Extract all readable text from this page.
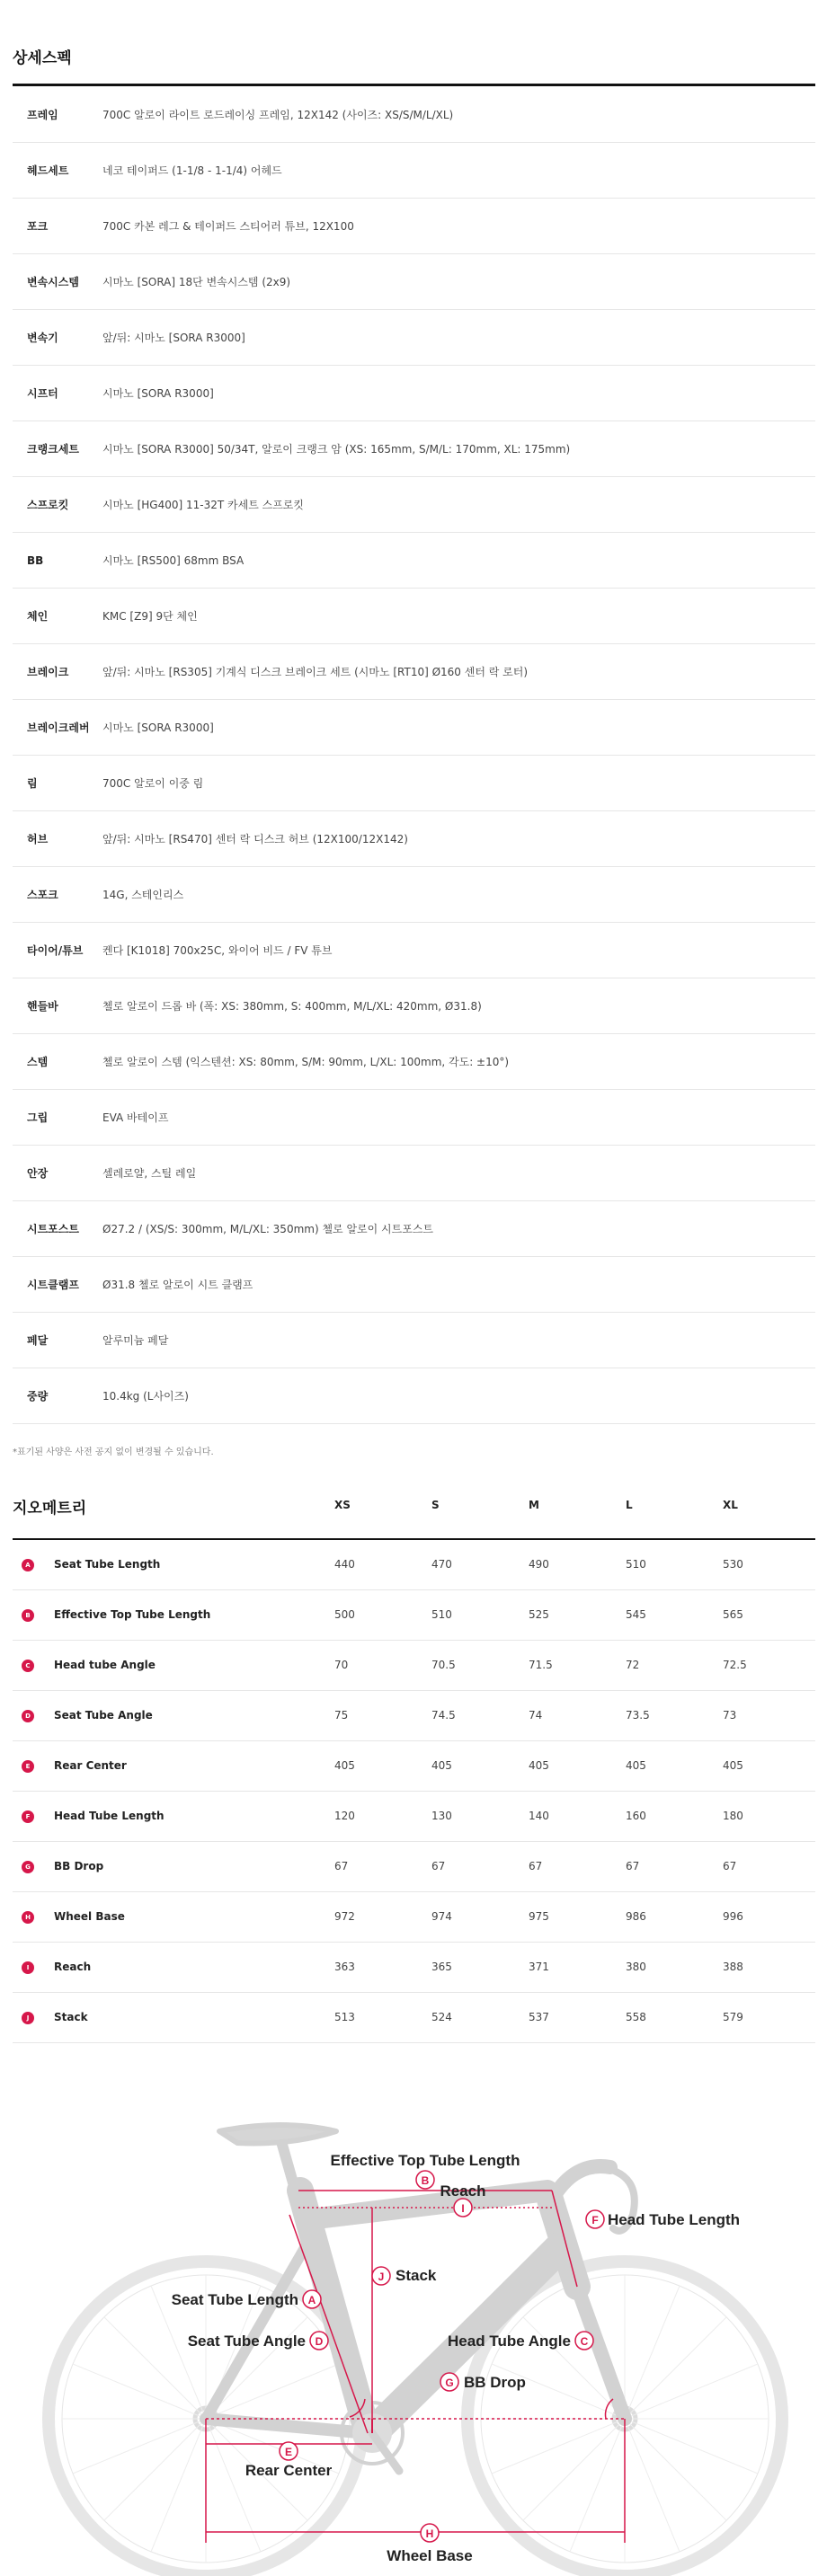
상세스펙
프레임	700C 알로이 라이트 로드레이싱 프레임, 12X142 (사이즈: XS/S/M/L/XL)
헤드세트	네코 테이퍼드 (1-1/8 - 1-1/4) 어헤드
포크	700C 카본 레그 & 테이퍼드 스티어러 튜브, 12X100
변속시스템	시마노 [SORA] 18단 변속시스템 (2x9)
변속기	앞/뒤: 시마노 [SORA R3000]
시프터	시마노 [SORA R3000]
크랭크세트	시마노 [SORA R3000] 50/34T, 알로이 크랭크 암 (XS: 165mm, S/M/L: 170mm, XL: 175mm)
스프로킷	시마노 [HG400] 11-32T 카세트 스프로킷
BB	시마노 [RS500] 68mm BSA
체인	KMC [Z9] 9단 체인
브레이크	앞/뒤: 시마노 [RS305] 기계식 디스크 브레이크 세트 (시마노 [RT10] Ø160 센터 락 로터)
브레이크레버	시마노 [SORA R3000]
림	700C 알로이 이중 림
허브	앞/뒤: 시마노 [RS470] 센터 락 디스크 허브 (12X100/12X142)
스포크	14G, 스테인리스
타이어/튜브	켄다 [K1018] 700x25C, 와이어 비드 / FV 튜브
핸들바	첼로 알로이 드롭 바 (폭: XS: 380mm, S: 400mm, M/L/XL: 420mm, Ø31.8)
스템	첼로 알로이 스템 (익스텐션: XS: 80mm, S/M: 90mm, L/XL: 100mm, 각도: ±10°)
그립	EVA 바테이프
안장	셀레로얄, 스틸 레일
시트포스트	Ø27.2 / (XS/S: 300mm, M/L/XL: 350mm) 첼로 알로이 시트포스트
시트클램프	Ø31.8 첼로 알로이 시트 클램프
페달	알루미늄 페달
중량	10.4kg (L사이즈)
*표기된 사양은 사전 공지 없이 변경될 수 있습니다.
지오메트리	XS	S	M	L	XL
A	Seat Tube Length	440	470	490	510	530
B	Effective Top Tube Length	500	510	525	545	565
C	Head tube Angle	70	70.5	71.5	72	72.5
D	Seat Tube Angle	75	74.5	74	73.5	73
E	Rear Center	405	405	405	405	405
F	Head Tube Length	120	130	140	160	180
G	BB Drop	67	67	67	67	67
H	Wheel Base	972	974	975	986	996
I	Reach	363	365	371	380	388
J	Stack	513	524	537	558	579
B
I
F
J
A
D	C
G
E
H
Effective Top Tube Length
Reach
Head Tube Length
Stack
Seat Tube Length
Seat Tube Angle	Head Tube Angle
BB Drop
Rear Center
Wheel Base
